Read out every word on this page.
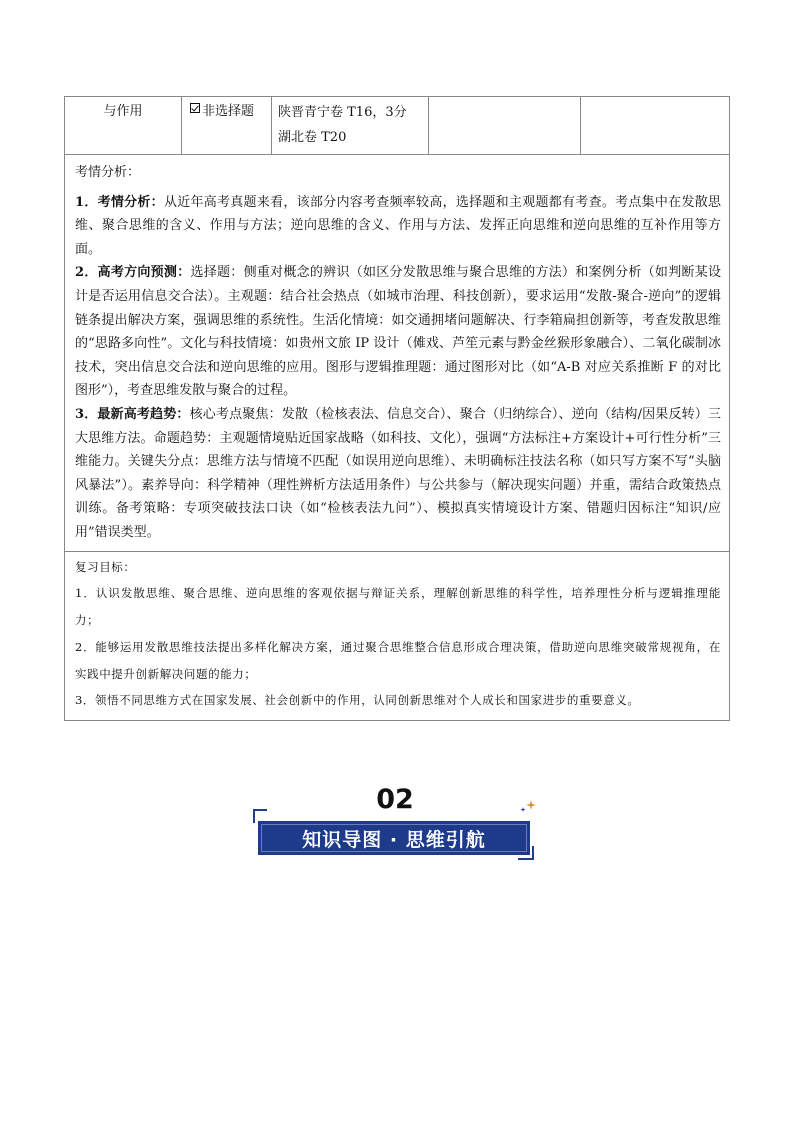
与作用	非选择题 陕晋青宁卷 T16，3分
湖北卷 T20

考情分析：

1．考情分析：从近年高考真题来看，该部分内容考查频率较高，选择题和主观题都有考查。考点集中在发散思维、聚合思维的含义、作用与方法；逆向思维的含义、作用与方法、发挥正向思维和逆向思维的互补作用等方面。

2．高考方向预测：选择题：侧重对概念的辨识（如区分发散思维与聚合思维的方法）和案例分析（如判断某设计是否运用信息交合法）。主观题：结合社会热点（如城市治理、科技创新），要求运用“发散-聚合-逆向”的逻辑链条提出解决方案，强调思维的系统性。生活化情境：如交通拥堵问题解决、行李箱扁担创新等，考查发散思维的“思路多向性”。文化与科技情境：如贵州文旅 IP 设计（傩戏、芦笙元素与黔金丝猴形象融合）、二氧化碳制冰技术，突出信息交合法和逆向思维的应用。图形与逻辑推理题：通过图形对比（如“A-B 对应关系推断 F 的对比图形”），考查思维发散与聚合的过程。

3．最新高考趋势：核心考点聚焦：发散（检核表法、信息交合）、聚合（归纳综合）、逆向（结构/因果反转）三大思维方法。命题趋势：主观题情境贴近国家战略（如科技、文化），强调“方法标注+方案设计+可行性分析”三维能力。关键失分点：思维方法与情境不匹配（如误用逆向思维）、未明确标注技法名称（如只写方案不写“头脑风暴法”）。素养导向：科学精神（理性辨析方法适用条件）与公共参与（解决现实问题）并重，需结合政策热点训练。备考策略：专项突破技法口诀（如“检核表法九问”）、模拟真实情境设计方案、错题归因标注“知识/应用”错误类型。

复习目标：

1．认识发散思维、聚合思维、逆向思维的客观依据与辩证关系，理解创新思维的科学性，培养理性分析与逻辑推理能力；

2．能够运用发散思维技法提出多样化解决方案，通过聚合思维整合信息形成合理决策，借助逆向思维突破常规视角，在实践中提升创新解决问题的能力；

3．领悟不同思维方式在国家发展、社会创新中的作用，认同创新思维对个人成长和国家进步的重要意义。

02
知识导图 · 思维引航
